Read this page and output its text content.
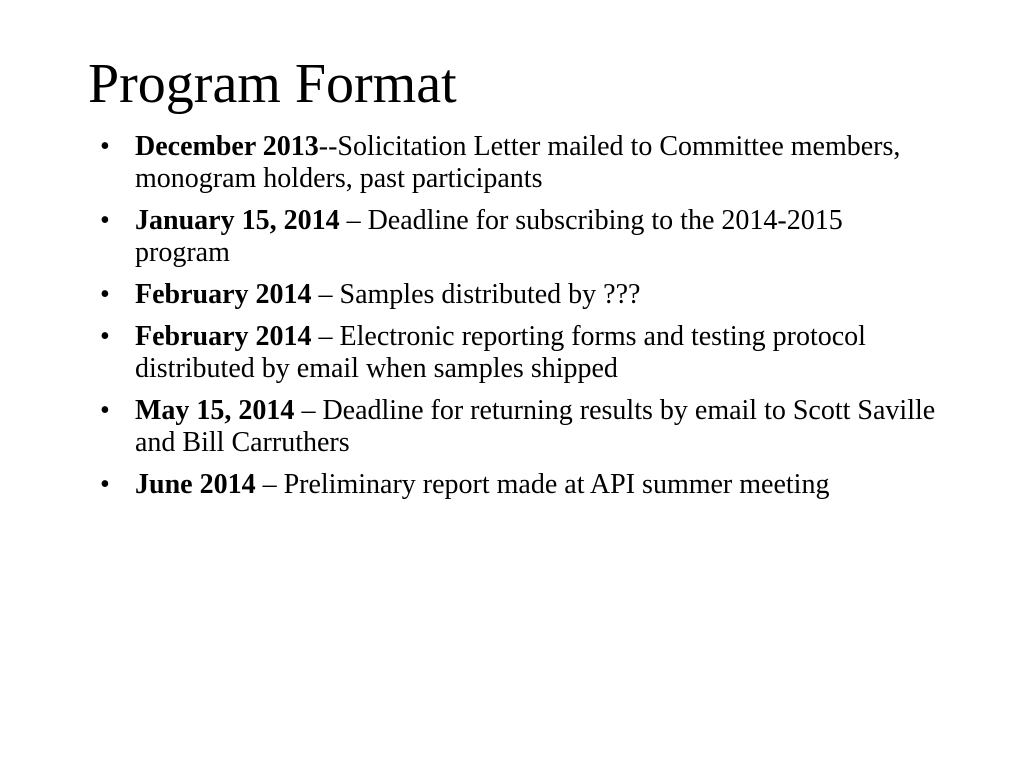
Program Format
• December 2013--Solicitation Letter mailed to Committee members, monogram holders, past participants
• January 15, 2014 – Deadline for subscribing to the 2014-2015 program
• February 2014 – Samples distributed by ???
• February 2014 – Electronic reporting forms and testing protocol distributed by email when samples shipped
• May 15, 2014 – Deadline for returning results by email to Scott Saville and Bill Carruthers
• June 2014 – Preliminary report made at API summer meeting
